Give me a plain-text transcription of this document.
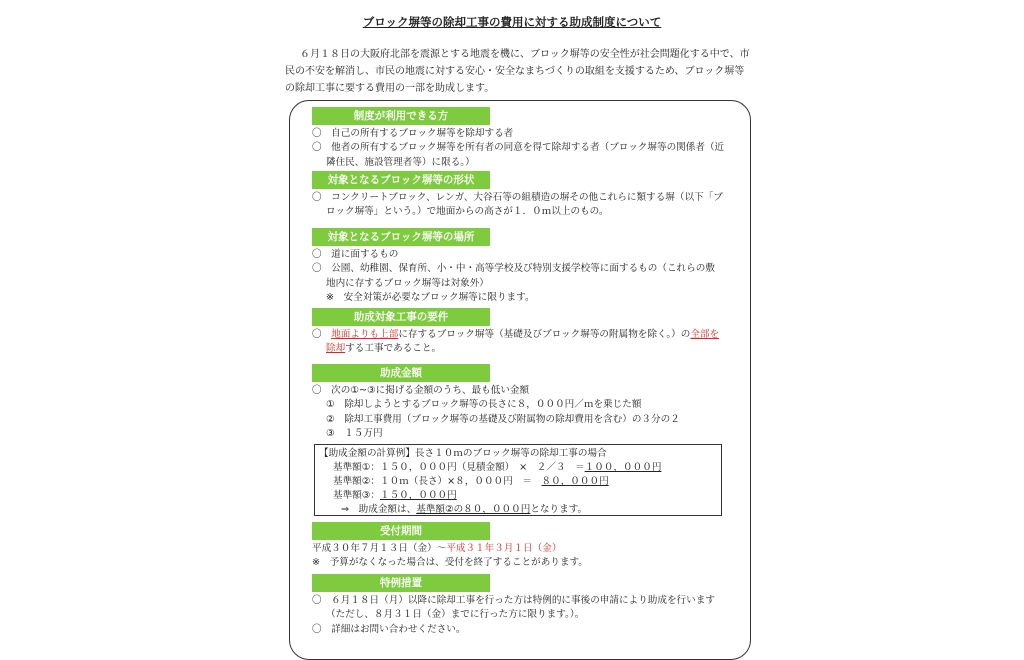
ブロック塀等の除却工事の費用に対する助成制度について
６月１８日の大阪府北部を震源とする地震を機に、ブロック塀等の安全性が社会問題化する中で、市民の不安を解消し、市民の地震に対する安心・安全なまちづくりの取組を支援するため、ブロック塀等の除却工事に要する費用の一部を助成します。
制度が利用できる方
〇　自己の所有するブロック塀等を除却する者
〇　他者の所有するブロック塀等を所有者の同意を得て除却する者（ブロック塀等の関係者（近
隣住民、施設管理者等）に限る。）
対象となるブロック塀等の形状
〇　コンクリートブロック、レンガ、大谷石等の組積造の塀その他これらに類する塀（以下「ブ
ロック塀等」という。）で地面からの高さが１．０ｍ以上のもの。
対象となるブロック塀等の場所
〇　道に面するもの
〇　公園、幼稚園、保育所、小・中・高等学校及び特別支援学校等に面するもの（これらの敷
地内に存するブロック塀等は対象外）
※　安全対策が必要なブロック塀等に限ります。
助成対象工事の要件
〇　地面よりも上部に存するブロック塀等（基礎及びブロック塀等の附属物を除く。）の全部を
除却する工事であること。
助成金額
〇　次の①~③に掲げる金額のうち、最も低い金額
①　除却しようとするブロック塀等の長さに８，０００円／ｍを乗じた額
②　除却工事費用（ブロック塀等の基礎及び附属物の除却費用を含む）の３分の２
③　１５万円
【助成金額の計算例】長さ１０ｍのブロック塀等の除却工事の場合
基準額①：１５０，０００円（見積金額）　×　２／３　＝１００，０００円
基準額②：１０ｍ（長さ）×８，０００円　＝　８０，０００円
基準額③：１５０，０００円
⇒　助成金額は、基準額②の８０，０００円となります。
受付期間
平成３０年７月１３日（金）～平成３１年３月１日（金）
※　予算がなくなった場合は、受付を終了することがあります。
特例措置
〇　６月１８日（月）以降に除却工事を行った方は特例的に事後の申請により助成を行います
（ただし、８月３１日（金）までに行った方に限ります。）。
〇　詳細はお問い合わせください。
